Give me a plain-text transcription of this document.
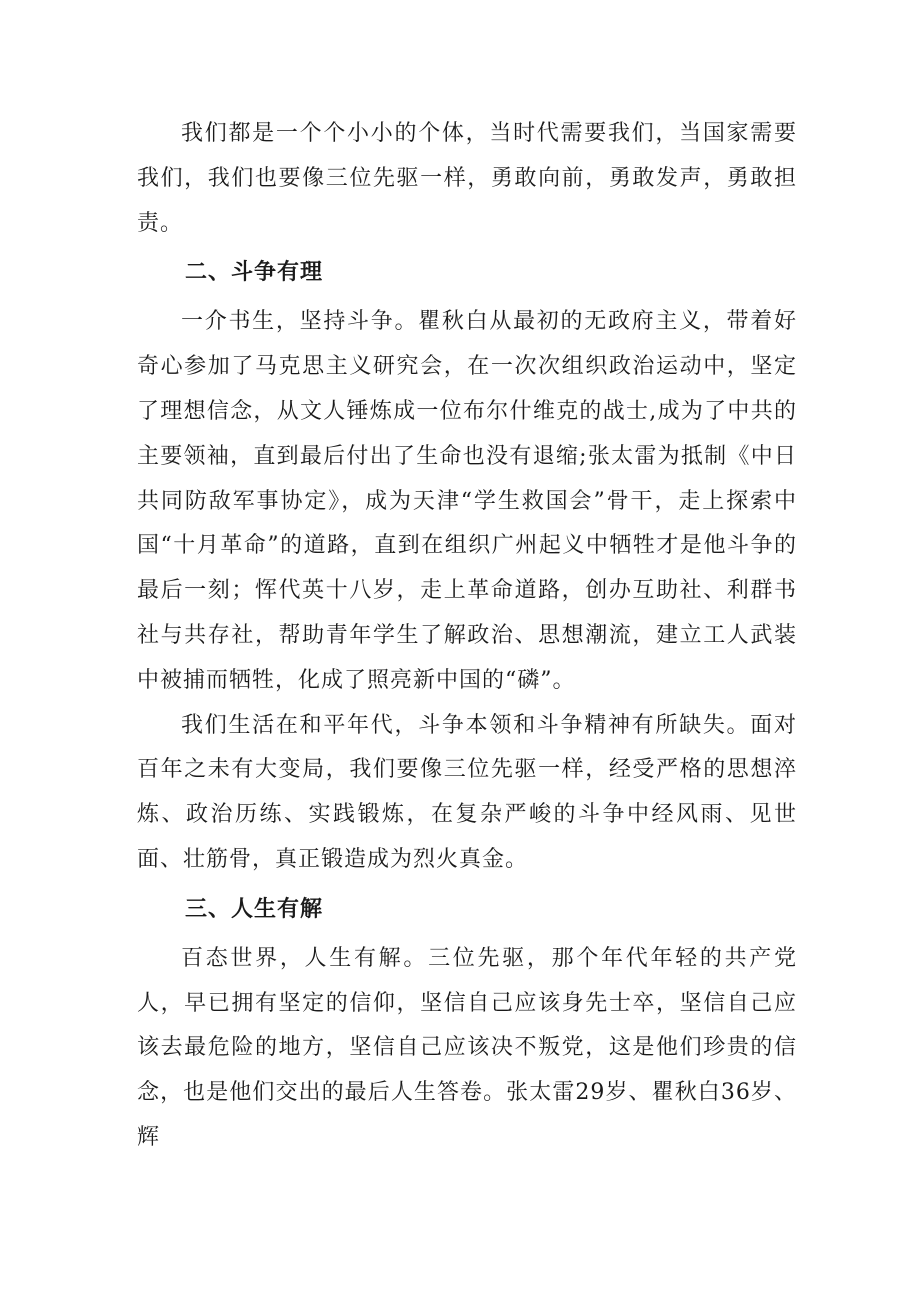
我们都是一个个小小的个体，当时代需要我们，当国家需要我们，我们也要像三位先驱一样，勇敢向前，勇敢发声，勇敢担责。

二、斗争有理

一介书生，坚持斗争。瞿秋白从最初的无政府主义，带着好奇心参加了马克思主义研究会，在一次次组织政治运动中，坚定了理想信念，从文人锤炼成一位布尔什维克的战士,成为了中共的主要领袖，直到最后付出了生命也没有退缩;张太雷为抵制《中日共同防敌军事协定》，成为天津“学生救国会”骨干，走上探索中国“十月革命”的道路，直到在组织广州起义中牺牲才是他斗争的最后一刻；恽代英十八岁，走上革命道路，创办互助社、利群书社与共存社，帮助青年学生了解政治、思想潮流，建立工人武装中被捕而牺牲，化成了照亮新中国的“磷”。

我们生活在和平年代，斗争本领和斗争精神有所缺失。面对百年之未有大变局，我们要像三位先驱一样，经受严格的思想淬炼、政治历练、实践锻炼，在复杂严峻的斗争中经风雨、见世面、壮筋骨，真正锻造成为烈火真金。

三、人生有解

百态世界，人生有解。三位先驱，那个年代年轻的共产党人，早已拥有坚定的信仰，坚信自己应该身先士卒，坚信自己应该去最危险的地方，坚信自己应该决不叛党，这是他们珍贵的信念，也是他们交出的最后人生答卷。张太雷29岁、瞿秋白36岁、辉
